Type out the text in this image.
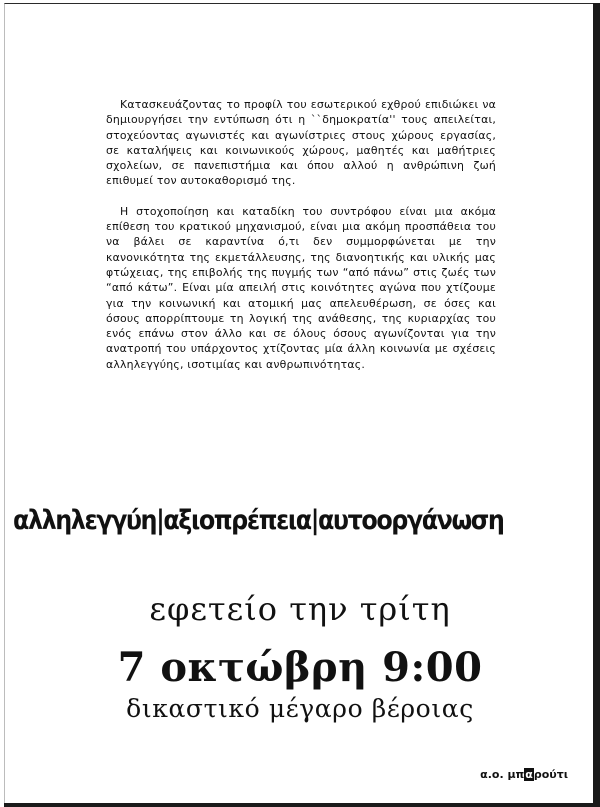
Κατασκευάζοντας το προφίλ του εσωτερικού εχθρού επιδιώκει να δημιουργήσει την εντύπωση ότι η ``δημοκρατία'' τους απειλείται, στοχεύοντας αγωνιστές και αγωνίστριες στους χώρους εργασίας, σε καταλήψεις και κοινωνικούς χώρους, μαθητές και μαθήτριες σχολείων, σε πανεπιστήμια και όπου αλλού η ανθρώπινη ζωή επιθυμεί τον αυτοκαθορισμό της.

Η στοχοποίηση και καταδίκη του συντρόφου είναι μια ακόμα επίθεση του κρατικού μηχανισμού, είναι μια ακόμη προσπάθεια του να βάλει σε καραντίνα ό,τι δεν συμμορφώνεται με την κανονικότητα της εκμετάλλευσης, της διανοητικής και υλικής μας φτώχειας, της επιβολής της πυγμής των “από πάνω” στις ζωές των “από κάτω”. Είναι μία απειλή στις κοινότητες αγώνα που χτίζουμε για την κοινωνική και ατομική μας απελευθέρωση, σε όσες και όσους απορρίπτουμε τη λογική της ανάθεσης, της κυριαρχίας του ενός επάνω στον άλλο και σε όλους όσους αγωνίζονται για την ανατροπή του υπάρχοντος χτίζοντας μία άλλη κοινωνία με σχέσεις αλληλεγγύης, ισοτιμίας και ανθρωπινότητας.

αλληλεγγύη|αξιοπρέπεια|αυτοοργάνωση
εφετείο την τρίτη
7 οκτώβρη 9:00
δικαστικό μέγαρο βέροιας
α.ο. μπαρούτι
